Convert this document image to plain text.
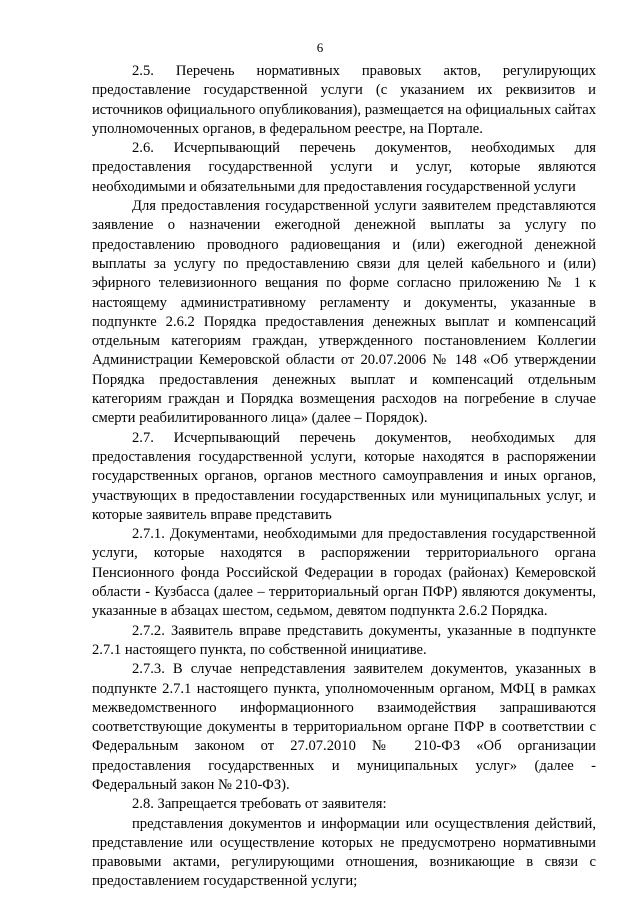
6

2.5. Перечень нормативных правовых актов, регулирующих предоставление государственной услуги (с указанием их реквизитов и источников официального опубликования), размещается на официальных сайтах уполномоченных органов, в федеральном реестре, на Портале.

2.6. Исчерпывающий перечень документов, необходимых для предоставления государственной услуги и услуг, которые являются необходимыми и обязательными для предоставления государственной услуги

Для предоставления государственной услуги заявителем представляются заявление о назначении ежегодной денежной выплаты за услугу по предоставлению проводного радиовещания и (или) ежегодной денежной выплаты за услугу по предоставлению связи для целей кабельного и (или) эфирного телевизионного вещания по форме согласно приложению № 1 к настоящему административному регламенту и документы, указанные в подпункте 2.6.2 Порядка предоставления денежных выплат и компенсаций отдельным категориям граждан, утвержденного постановлением Коллегии Администрации Кемеровской области от 20.07.2006 № 148 «Об утверждении Порядка предоставления денежных выплат и компенсаций отдельным категориям граждан и Порядка возмещения расходов на погребение в случае смерти реабилитированного лица» (далее – Порядок).

2.7. Исчерпывающий перечень документов, необходимых для предоставления государственной услуги, которые находятся в распоряжении государственных органов, органов местного самоуправления и иных органов, участвующих в предоставлении государственных или муниципальных услуг, и которые заявитель вправе представить

2.7.1. Документами, необходимыми для предоставления государственной услуги, которые находятся в распоряжении территориального органа Пенсионного фонда Российской Федерации в городах (районах) Кемеровской области - Кузбасса (далее – территориальный орган ПФР) являются документы, указанные в абзацах шестом, седьмом, девятом подпункта 2.6.2 Порядка.

2.7.2. Заявитель вправе представить документы, указанные в подпункте 2.7.1 настоящего пункта, по собственной инициативе.

2.7.3. В случае непредставления заявителем документов, указанных в подпункте 2.7.1 настоящего пункта, уполномоченным органом, МФЦ в рамках межведомственного информационного взаимодействия запрашиваются соответствующие документы в территориальном органе ПФР в соответствии с Федеральным законом от 27.07.2010 № 210-ФЗ «Об организации предоставления государственных и муниципальных услуг» (далее - Федеральный закон № 210-ФЗ).

2.8. Запрещается требовать от заявителя:

представления документов и информации или осуществления действий, представление или осуществление которых не предусмотрено нормативными правовыми актами, регулирующими отношения, возникающие в связи с предоставлением государственной услуги;
